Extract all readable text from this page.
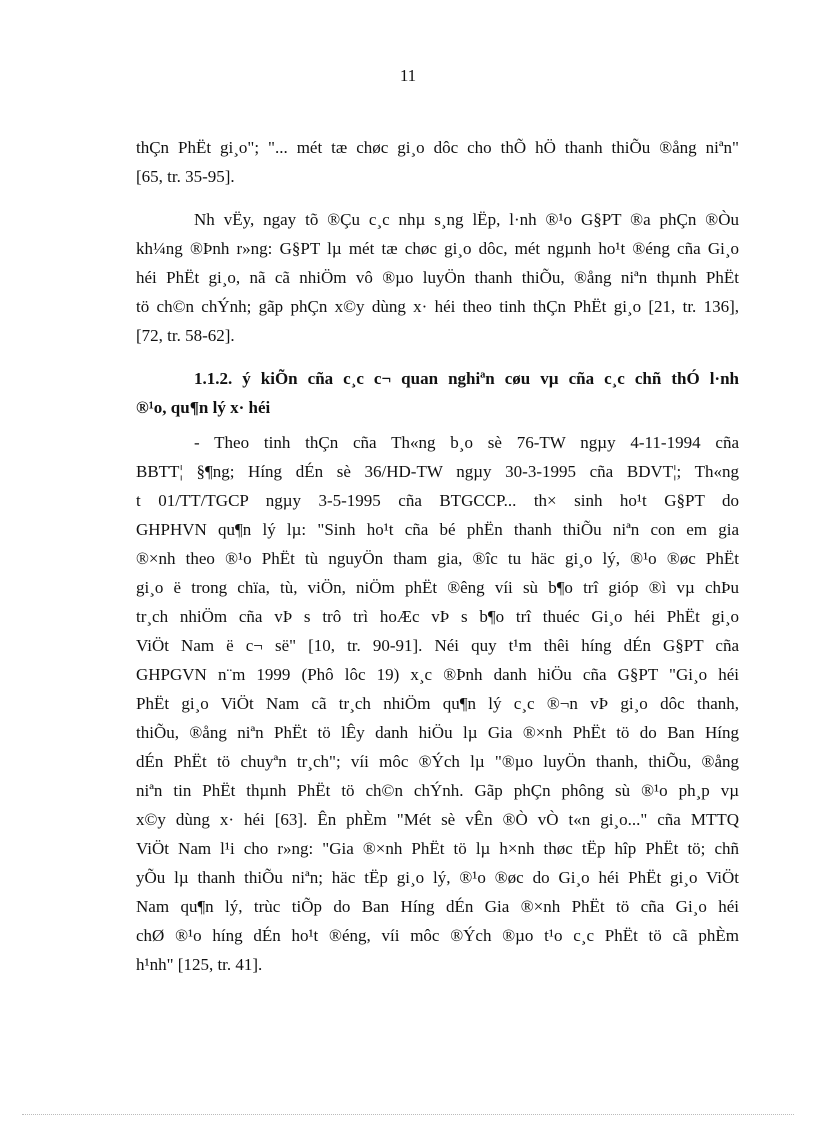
11
thÇn PhËt gi¸o"; "... mét tæ chøc gi¸o dôc cho thÕ hÖ thanh thiÕu ®ång niªn"
[65, tr. 35-95].
Nh vËy, ngay tõ ®Çu c¸c nhµ s¸ng lËp, l·nh ®¹o G§PT ®a phÇn ®Òu
kh¼ng ®Þnh r»ng: G§PT lµ mét tæ chøc gi¸o dôc, mét ngµnh ho¹t ®éng cña Gi¸o
héi PhËt gi¸o, nã cã nhiÖm vô ®µo luyÖn thanh thiÕu, ®ång niªn thµnh PhËt
tö ch©n chÝnh; gãp phÇn x©y dùng x· héi theo tinh thÇn PhËt gi¸o [21, tr. 136],
[72, tr. 58-62].
1.1.2. ý kiÕn cña c¸c c¬ quan nghiªn cøu vµ cña c¸c chñ thÓ l·nh
®¹o, qu¶n lý x· héi
- Theo tinh thÇn cña Th«ng b¸o sè 76-TW ngµy 4-11-1994 cña
BBTT¦ §¶ng; Híng dÉn sè 36/HD-TW ngµy 30-3-1995 cña BDVT¦; Th«ng
t 01/TT/TGCP ngµy 3-5-1995 cña BTGCCP... th× sinh ho¹t G§PT do
GHPHVN qu¶n lý lµ: "Sinh ho¹t cña bé phËn thanh thiÕu niªn con em gia
®×nh theo ®¹o PhËt tù nguyÖn tham gia, ®îc tu häc gi¸o lý, ®¹o ®øc PhËt
gi¸o ë trong chïa, tù, viÖn, niÖm phËt ®êng víi sù b¶o trî gióp ®ì vµ chÞu
tr¸ch nhiÖm cña vÞ s trô trì hoÆc vÞ s b¶o trî thuéc Gi¸o héi PhËt gi¸o
ViÖt Nam ë c¬ së" [10, tr. 90-91]. Néi quy t¹m thêi híng dÉn G§PT cña
GHPGVN n¨m 1999 (Phô lôc 19) x¸c ®Þnh danh hiÖu cña G§PT "Gi¸o héi
PhËt gi¸o ViÖt Nam cã tr¸ch nhiÖm qu¶n lý c¸c ®¬n vÞ gi¸o dôc thanh,
thiÕu, ®ång niªn PhËt tö lÊy danh hiÖu lµ Gia ®×nh PhËt tö do Ban Híng
dÉn PhËt tö chuyªn tr¸ch"; víi môc ®Ých lµ "®µo luyÖn thanh, thiÕu, ®ång
niªn tin PhËt thµnh PhËt tö ch©n chÝnh. Gãp phÇn phông sù ®¹o ph¸p vµ
x©y dùng x· héi [63]. Ên phÈm "Mét sè vÊn ®Ò vÒ t«n gi¸o..." cña MTTQ
ViÖt Nam l¹i cho r»ng: "Gia ®×nh PhËt tö lµ h×nh thøc tËp hîp PhËt tö; chñ
yÕu lµ thanh thiÕu niªn; häc tËp gi¸o lý, ®¹o ®øc do Gi¸o héi PhËt gi¸o ViÖt
Nam qu¶n lý, trùc tiÕp do Ban Híng dÉn Gia ®×nh PhËt tö cña Gi¸o héi
chØ ®¹o híng dÉn ho¹t ®éng, víi môc ®Ých ®µo t¹o c¸c PhËt tö cã phÈm
h¹nh" [125, tr. 41].
